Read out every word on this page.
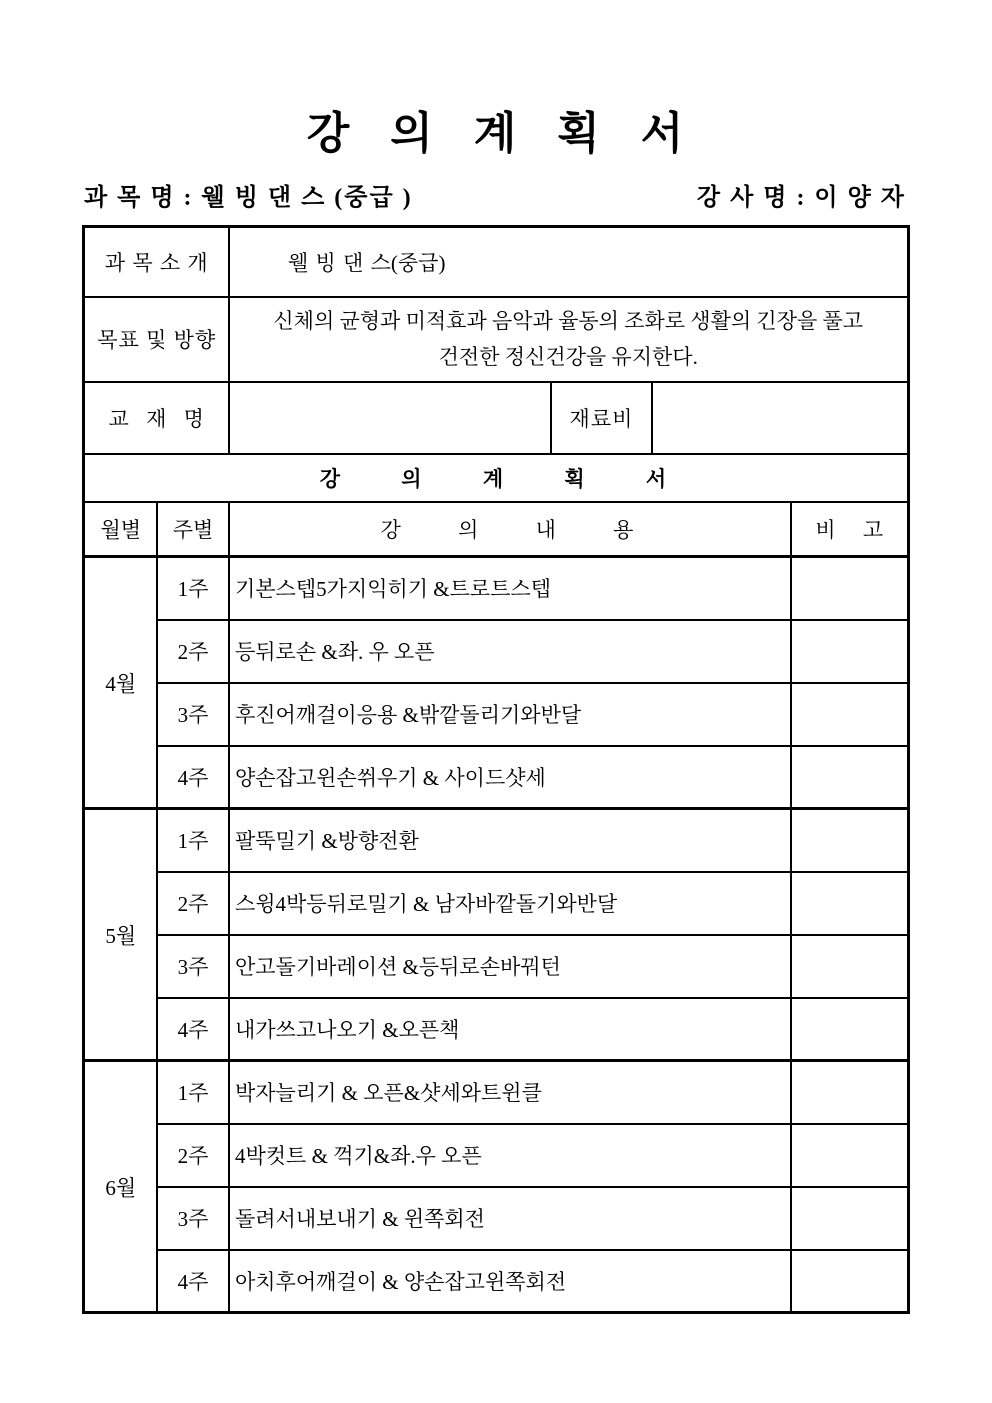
강 의 계 획 서
과 목 명 : 웰 빙 댄 스 (중급 )	강 사 명 : 이 양 자
과 목 소 개		웰 빙 댄 스(중급)			
목표 및 방향		신체의 균형과 미적효과 음악과 율동의 조화로 생활의 긴장을 풀고
건전한 정신건강을 유지한다.			

교 재 명			재료비		
강 의 계 획 서					
월별	주별	강 의 내 용			비 고
4월	1주	기본스텝5가지익히기 &트로트스텝			
	2주	등뒤로손 &좌. 우 오픈			
	3주	후진어깨걸이응용 &밖깥돌리기와반달			
	4주	양손잡고윈손쒸우기 & 사이드샷세			
5월	1주	팔뚝밀기 &방향전환			
	2주	스윙4박등뒤로밀기 & 남자바깥돌기와반달			
	3주	안고돌기바레이션 &등뒤로손바꿔턴			
	4주	내가쓰고나오기 &오픈책			
6월	1주	박자늘리기 & 오픈&샷세와트윈클			
	2주	4박컷트 & 꺽기&좌.우 오픈			
	3주	돌려서내보내기 & 윈쪽회전			
	4주	아치후어깨걸이 & 양손잡고윈쪽회전			
